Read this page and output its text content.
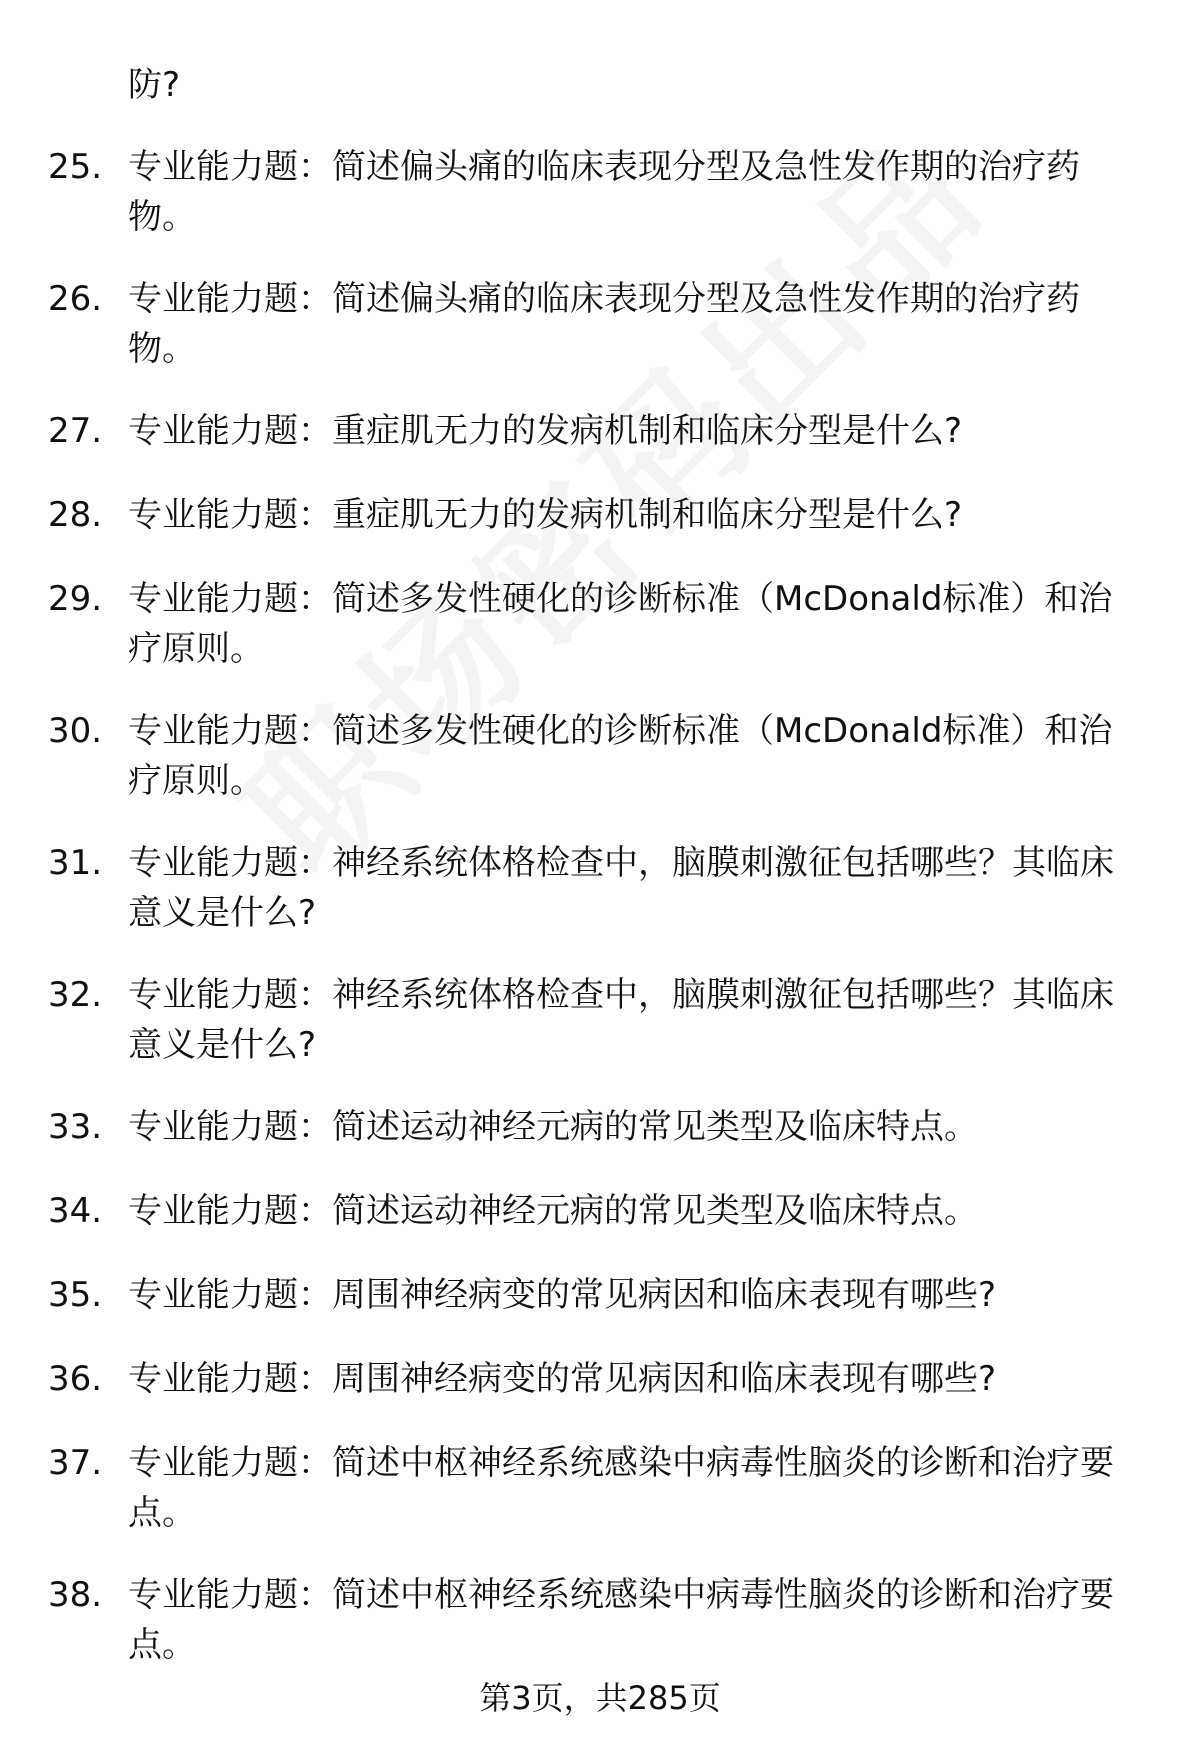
防?
25. 专业能力题：简述偏头痛的临床表现分型及急性发作期的治疗药物。
26. 专业能力题：简述偏头痛的临床表现分型及急性发作期的治疗药物。
27. 专业能力题：重症肌无力的发病机制和临床分型是什么?
28. 专业能力题：重症肌无力的发病机制和临床分型是什么?
29. 专业能力题：简述多发性硬化的诊断标准（McDonald标准）和治疗原则。
30. 专业能力题：简述多发性硬化的诊断标准（McDonald标准）和治疗原则。
31. 专业能力题：神经系统体格检查中，脑膜刺激征包括哪些？其临床意义是什么?
32. 专业能力题：神经系统体格检查中，脑膜刺激征包括哪些？其临床意义是什么?
33. 专业能力题：简述运动神经元病的常见类型及临床特点。
34. 专业能力题：简述运动神经元病的常见类型及临床特点。
35. 专业能力题：周围神经病变的常见病因和临床表现有哪些?
36. 专业能力题：周围神经病变的常见病因和临床表现有哪些?
37. 专业能力题：简述中枢神经系统感染中病毒性脑炎的诊断和治疗要点。
38. 专业能力题：简述中枢神经系统感染中病毒性脑炎的诊断和治疗要点。
第3页，共285页
